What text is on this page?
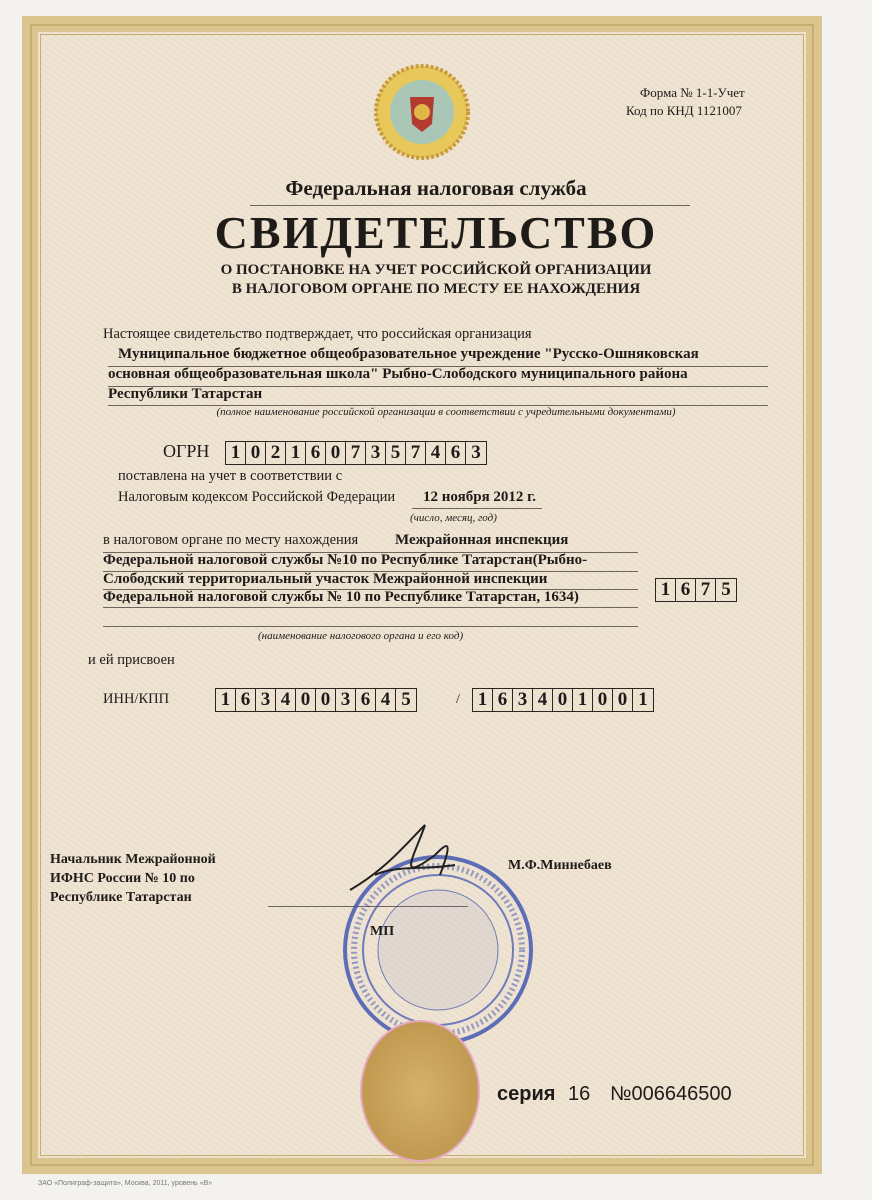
Форма № 1-1-Учет
Код по КНД 1121007
Федеральная налоговая служба
СВИДЕТЕЛЬСТВО
О ПОСТАНОВКЕ НА УЧЕТ РОССИЙСКОЙ ОРГАНИЗАЦИИ
В НАЛОГОВОМ ОРГАНЕ ПО МЕСТУ ЕЕ НАХОЖДЕНИЯ
Настоящее свидетельство подтверждает, что российская организация
Муниципальное бюджетное общеобразовательное учреждение "Русско-Ошняковская
основная общеобразовательная школа" Рыбно-Слободского муниципального района
Республики Татарстан
(полное наименование российской организации в соответствии с учредительными документами)
ОГРН 1 0 2 1 6 0 7 3 5 7 4 6 3
поставлена на учет в соответствии с
Налоговым кодексом Российской Федерации 12 ноября 2012 г.
(число, месяц, год)
в налоговом органе по месту нахождения Межрайонная инспекция
Федеральной налоговой службы №10 по Республике Татарстан(Рыбно-
Слободский территориальный участок Межрайонной инспекции
Федеральной налоговой службы № 10 по Республике Татарстан, 1634)	1 6 7 5
(наименование налогового органа и его код)
и ей присвоен
ИНН/КПП	1 6 3 4 0 0 3 6 4 5	/ 1 6 3 4 0 1 0 0 1
Начальник Межрайонной
ИФНС России № 10 по
Республике Татарстан
М.Ф.Миннебаев
МП
серия 16 №006646500
ЗАО «Полиграф-защита», Москва, 2011, уровень «В»
